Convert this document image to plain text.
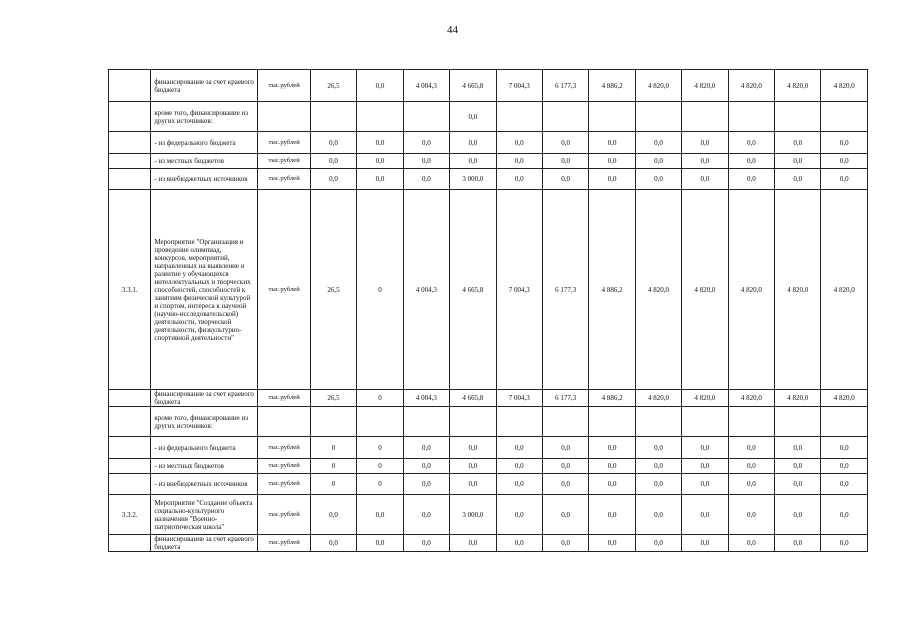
44
	финансирование за счет краевого бюджета	тыс.рублей	26,5	0,0	4 004,3	4 665,8	7 004,3	6 177,3	4 886,2	4 820,0	4 820,0	4 820,0	4 820,0	4 820,0
	кроме того, финансирование из других источников:					0,0								
	- из федерального бюджета	тыс.рублей	0,0	0,0	0,0	0,0	0,0	0,0	0,0	0,0	0,0	0,0	0,0	0,0
	- из местных бюджетов	тыс.рублей	0,0	0,0	0,0	0,0	0,0	0,0	0,0	0,0	0,0	0,0	0,0	0,0
	- из внебюджетных источников	тыс.рублей	0,0	0,0	0,0	3 000,0	0,0	0,0	0,0	0,0	0,0	0,0	0,0	0,0
3.3.1.	Мероприятие "Организация и проведение олимпиад, конкурсов, мероприятий, направленных на выявление и развитие у обучающихся интеллектуальных и творческих способностей, способностей к занятиям физической культурой и спортом, интереса к научной (научно-исследовательской) деятельности, творческой деятельности, физкультурно-спортивной деятельности"	тыс.рублей	26,5	0	4 004,3	4 665,8	7 004,3	6 177,3	4 886,2	4 820,0	4 820,0	4 820,0	4 820,0	4 820,0
	финансирование за счет краевого бюджета	тыс.рублей	26,5	0	4 004,3	4 665,8	7 004,3	6 177,3	4 886,2	4 820,0	4 820,0	4 820,0	4 820,0	4 820,0
	кроме того, финансирование из других источников:													
	- из федерального бюджета	тыс.рублей	0	0	0,0	0,0	0,0	0,0	0,0	0,0	0,0	0,0	0,0	0,0
	- из местных бюджетов	тыс.рублей	0	0	0,0	0,0	0,0	0,0	0,0	0,0	0,0	0,0	0,0	0,0
	- из внебюджетных источников	тыс.рублей	0	0	0,0	0,0	0,0	0,0	0,0	0,0	0,0	0,0	0,0	0,0
3.3.2.	Мероприятие "Создание объекта социально-культурного назначения "Военно-патриотическая школа"	тыс.рублей	0,0	0,0	0,0	3 000,0	0,0	0,0	0,0	0,0	0,0	0,0	0,0	0,0
	финансирование за счет краевого бюджета	тыс.рублей	0,0	0,0	0,0	0,0	0,0	0,0	0,0	0,0	0,0	0,0	0,0	0,0
